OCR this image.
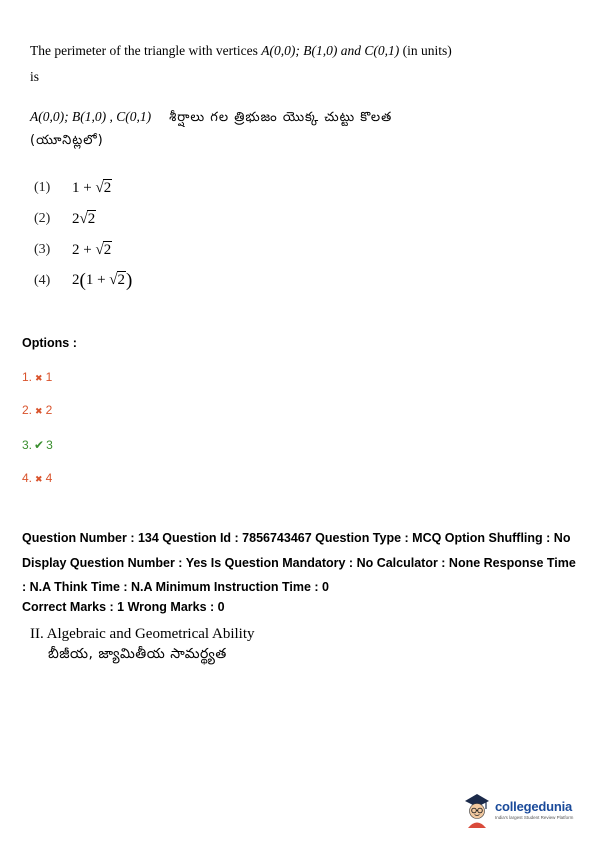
The perimeter of the triangle with vertices A(0,0); B(1,0) and C(0,1) (in units)
is
A(0,0); B(1,0) , C(0,1) శీర్షాలు గల త్రిభుజం యొక్క చుట్టు కొలత
(యూనిట్లలో)
(1)	1 + √2
(2)	2√2
(3)	2 + √2
(4)	2(1 + √2)
Options :
1. ✖ 1
2. ✖ 2
3. ✔ 3
4. ✖ 4
Question Number : 134 Question Id : 7856743467 Question Type : MCQ Option Shuffling : No Display Question Number : Yes Is Question Mandatory : No Calculator : None Response Time : N.A Think Time : N.A Minimum Instruction Time : 0
Correct Marks : 1 Wrong Marks : 0
II. Algebraic and Geometrical Ability
బీజీయ, జ్యామితీయ సామర్థ్యత
collegedunia
India's largest Student Review Platform
